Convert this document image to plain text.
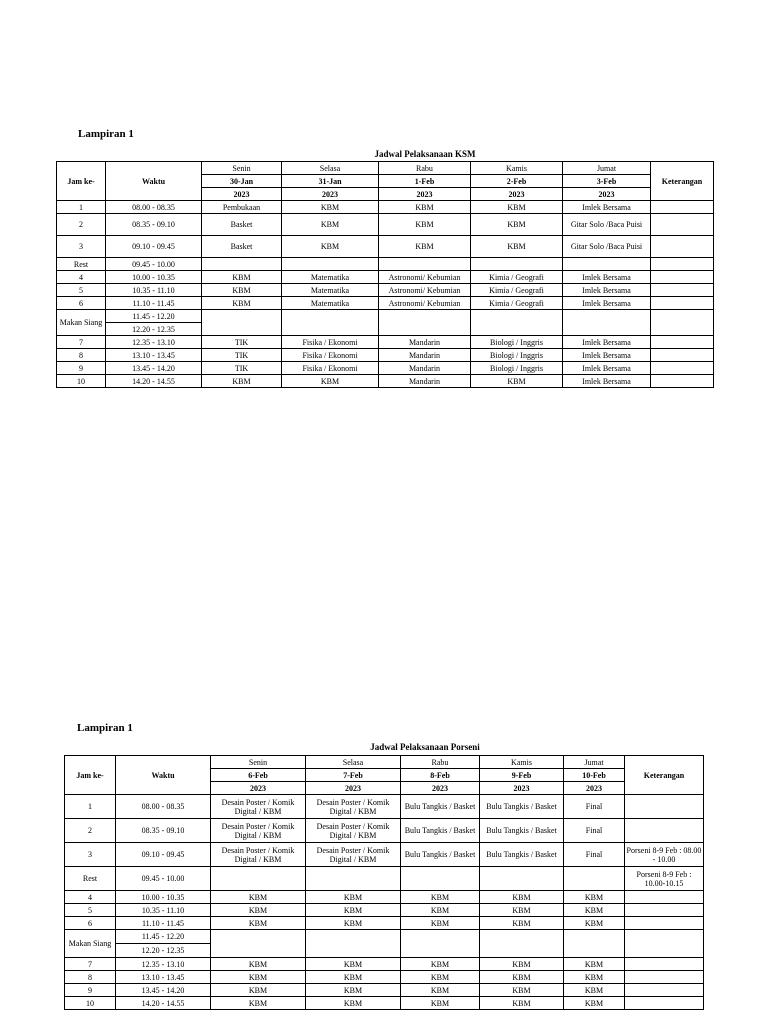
Lampiran 1
Jadwal Pelaksanaan KSM
Jam ke-	Waktu	Senin	Selasa	Rabu	Kamis	Jumat	Keterangan
		30-Jan	31-Jan	1-Feb	2-Feb	3-Feb	
		2023	2023	2023	2023	2023	
1	08.00 - 08.35	Pembukaan	KBM	KBM	KBM	Imlek Bersama	
2	08.35 - 09.10	Basket	KBM	KBM	KBM	Gitar Solo /Baca Puisi	
3	09.10 - 09.45	Basket	KBM	KBM	KBM	Gitar Solo /Baca Puisi	
Rest	09.45 - 10.00						
4	10.00 - 10.35	KBM	Matematika	Astronomi/ Kebumian	Kimia / Geografi	Imlek Bersama	
5	10.35 - 11.10	KBM	Matematika	Astronomi/ Kebumian	Kimia / Geografi	Imlek Bersama	
6	11.10 - 11.45	KBM	Matematika	Astronomi/ Kebumian	Kimia / Geografi	Imlek Bersama	
Makan Siang	11.45 - 12.20						
	12.20 - 12.35						
7	12.35 - 13.10	TIK	Fisika / Ekonomi	Mandarin	Biologi / Inggris	Imlek Bersama	
8	13.10 - 13.45	TIK	Fisika / Ekonomi	Mandarin	Biologi / Inggris	Imlek Bersama	
9	13.45 - 14.20	TIK	Fisika / Ekonomi	Mandarin	Biologi / Inggris	Imlek Bersama	
10	14.20 - 14.55	KBM	KBM	Mandarin	KBM	Imlek Bersama	
Lampiran 1
Jadwal Pelaksanaan Porseni
Jam ke-	Waktu	Senin	Selasa	Rabu	Kamis	Jumat	Keterangan
		6-Feb	7-Feb	8-Feb	9-Feb	10-Feb	
		2023	2023	2023	2023	2023	
1	08.00 - 08.35	Desain Poster / Komik Digital / KBM	Desain Poster / Komik Digital / KBM	Bulu Tangkis / Basket	Bulu Tangkis / Basket	Final	
2	08.35 - 09.10	Desain Poster / Komik Digital / KBM	Desain Poster / Komik Digital / KBM	Bulu Tangkis / Basket	Bulu Tangkis / Basket	Final	
3	09.10 - 09.45	Desain Poster / Komik Digital / KBM	Desain Poster / Komik Digital / KBM	Bulu Tangkis / Basket	Bulu Tangkis / Basket	Final	Porseni 8-9 Feb : 08.00 - 10.00
Rest	09.45 - 10.00						Porseni 8-9 Feb : 10.00-10.15
4	10.00 - 10.35	KBM	KBM	KBM	KBM	KBM	
5	10.35 - 11.10	KBM	KBM	KBM	KBM	KBM	
6	11.10 - 11.45	KBM	KBM	KBM	KBM	KBM	
Makan Siang	11.45 - 12.20						
	12.20 - 12.35						
7	12.35 - 13.10	KBM	KBM	KBM	KBM	KBM	
8	13.10 - 13.45	KBM	KBM	KBM	KBM	KBM	
9	13.45 - 14.20	KBM	KBM	KBM	KBM	KBM	
10	14.20 - 14.55	KBM	KBM	KBM	KBM	KBM	
